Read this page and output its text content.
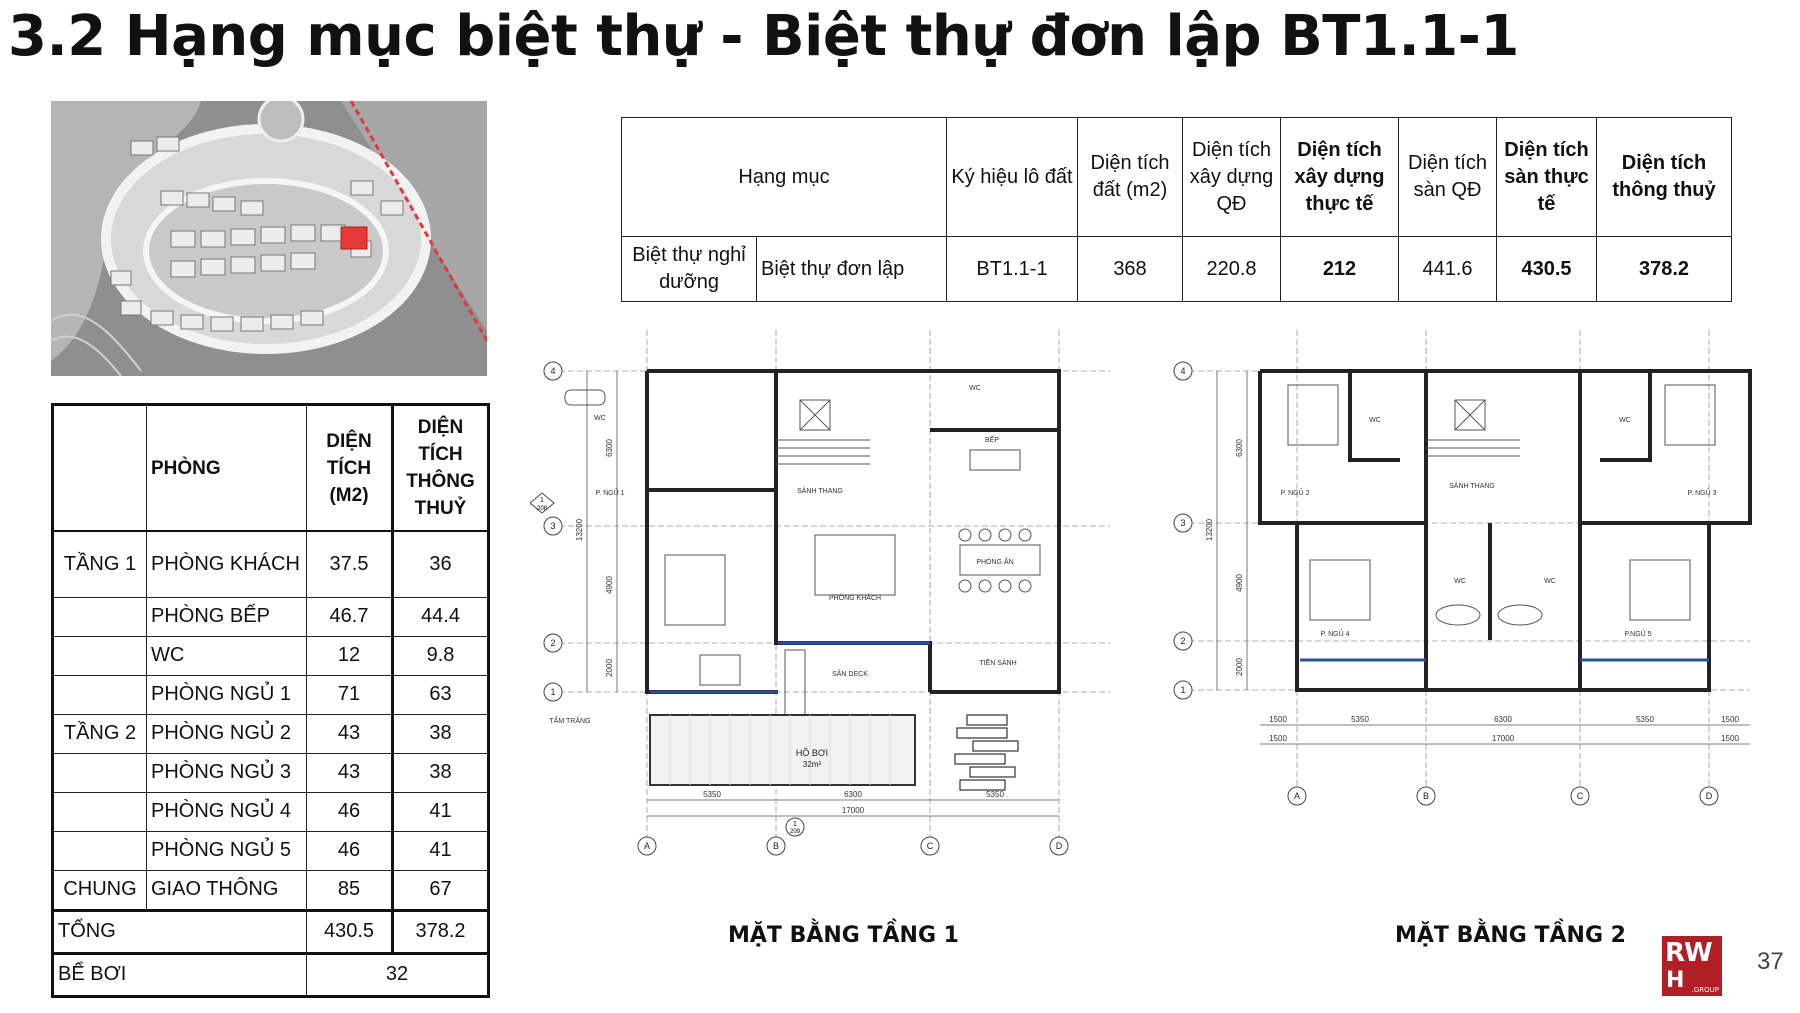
3.2 Hạng mục biệt thự - Biệt thự đơn lập BT1.1-1
	PHÒNG	DIỆN TÍCH (M2)	DIỆN TÍCH THÔNG THUỶ
TẦNG 1	PHÒNG KHÁCH	37.5	36
	PHÒNG BẾP	46.7	44.4
	WC	12	9.8
	PHÒNG NGỦ 1	71	63
TẦNG 2	PHÒNG NGỦ 2	43	38
	PHÒNG NGỦ 3	43	38
	PHÒNG NGỦ 4	46	41
	PHÒNG NGỦ 5	46	41
CHUNG	GIAO THÔNG	85	67
TỔNG		430.5	378.2
BỂ BƠI		32	
Hạng mục		Ký hiệu lô đất	Diện tích đất (m2)	Diện tích xây dựng QĐ	Diện tích xây dựng thực tế	Diện tích sàn QĐ	Diện tích sàn thực tế	Diện tích thông thuỷ
Biệt thự nghỉ dưỡng	Biệt thự đơn lập	BT1.1-1	368	220.8	212	441.6	430.5	378.2
WC
WC
P. NGỦ 1	SẢNH THANG
BẾP
PHÒNG KHÁCH
PHÒNG ĂN
SÂN DECK
TIỀN SẢNH
TẮM TRẮNG
HỒ BƠI
32m²
6300
4900
2000
13200
5350	6300	5350
17000
A	B	C	D
4
3
2
1
1
208
1
209
MẶT BẰNG TẦNG 1
P. NGỦ 2	P. NGỦ 3
P. NGỦ 4	P.NGỦ 5
SẢNH THANG
WC	WC
WC	WC
6300
4900
2000
13200
1500	5350	6300	5350	1500
1500	17000	1500
A	B	C	D
4
3
2
1
MẶT BẰNG TẦNG 2
RW
H .GROUP
37
